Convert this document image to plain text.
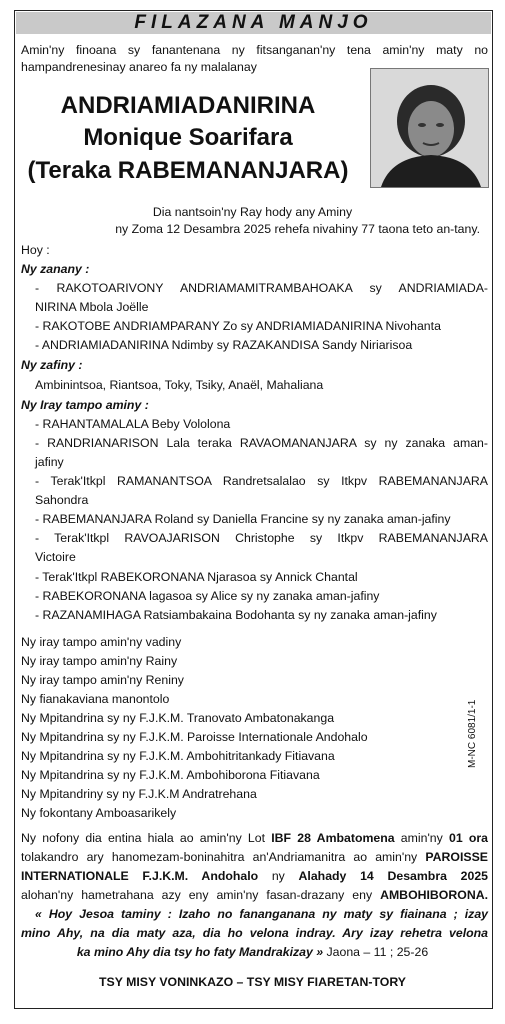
FILAZANA MANJO
Amin'ny finoana sy fanantenana ny fitsanganan'ny tena amin'ny maty no
hampandrenesinay anareo fa ny malalanay
ANDRIAMIADANIRINA
Monique Soarifara
(Teraka RABEMANANJARA)
Dia nantsoin'ny Ray hody any Aminy
ny Zoma 12 Desambra 2025 rehefa nivahiny 77 taona teto an-tany.
Hoy :
Ny zanany :
- RAKOTOARIVONY ANDRIAMAMITRAMBAHOAKA sy ANDRIAMIADA-
NIRINA Mbola Joëlle
- RAKOTOBE ANDRIAMPARANY Zo sy ANDRIAMIADANIRINA Nivohanta
- ANDRIAMIADANIRINA Ndimby sy RAZAKANDISA Sandy Niriarisoa
Ny zafiny :
Ambinintsoa, Riantsoa, Toky, Tsiky, Anaël, Mahaliana
Ny Iray tampo aminy :
- RAHANTAMALALA Beby Vololona
- RANDRIANARISON Lala teraka RAVAOMANANJARA sy ny zanaka aman-
jafiny
- Terak'Itkpl RAMANANTSOA Randretsalalao sy Itkpv RABEMANANJARA
Sahondra
- RABEMANANJARA Roland sy Daniella Francine sy ny zanaka aman-jafiny
- Terak'Itkpl RAVOAJARISON Christophe sy Itkpv RABEMANANJARA
Victoire
- Terak'Itkpl RABEKORONANA Njarasoa sy Annick Chantal
- RABEKORONANA lagasoa sy Alice sy ny zanaka aman-jafiny
- RAZANAMIHAGA Ratsiambakaina Bodohanta sy ny zanaka aman-jafiny
Ny iray tampo amin'ny vadiny
Ny iray tampo amin'ny Rainy
Ny iray tampo amin'ny Reniny
Ny fianakaviana manontolo
Ny Mpitandrina sy ny F.J.K.M. Tranovato Ambatonakanga
Ny Mpitandrina sy ny F.J.K.M. Paroisse Internationale Andohalo
Ny Mpitandrina sy ny F.J.K.M. Ambohitritankady Fitiavana
Ny Mpitandrina sy ny F.J.K.M. Ambohiborona Fitiavana
Ny Mpitandriny sy ny F.J.K.M Andratrehana
Ny fokontany Amboasarikely
M-NC 6081/1-1
Ny nofony dia entina hiala ao amin'ny Lot IBF 28 Ambatomena amin'ny 01 ora
tolakandro ary hanomezam-boninahitra an'Andriamanitra ao amin'ny PAROISSE
INTERNATIONALE F.J.K.M. Andohalo ny Alahady 14 Desambra 2025
alohan'ny hametrahana azy eny amin'ny fasan-drazany eny AMBOHIBORONA.
« Hoy Jesoa taminy : Izaho no fananganana ny maty sy fiainana ; izay
mino Ahy, na dia maty aza, dia ho velona indray. Ary izay rehetra velona
ka mino Ahy dia tsy ho faty Mandrakizay » Jaona – 11 ; 25-26
TSY MISY VONINKAZO – TSY MISY FIARETAN-TORY
